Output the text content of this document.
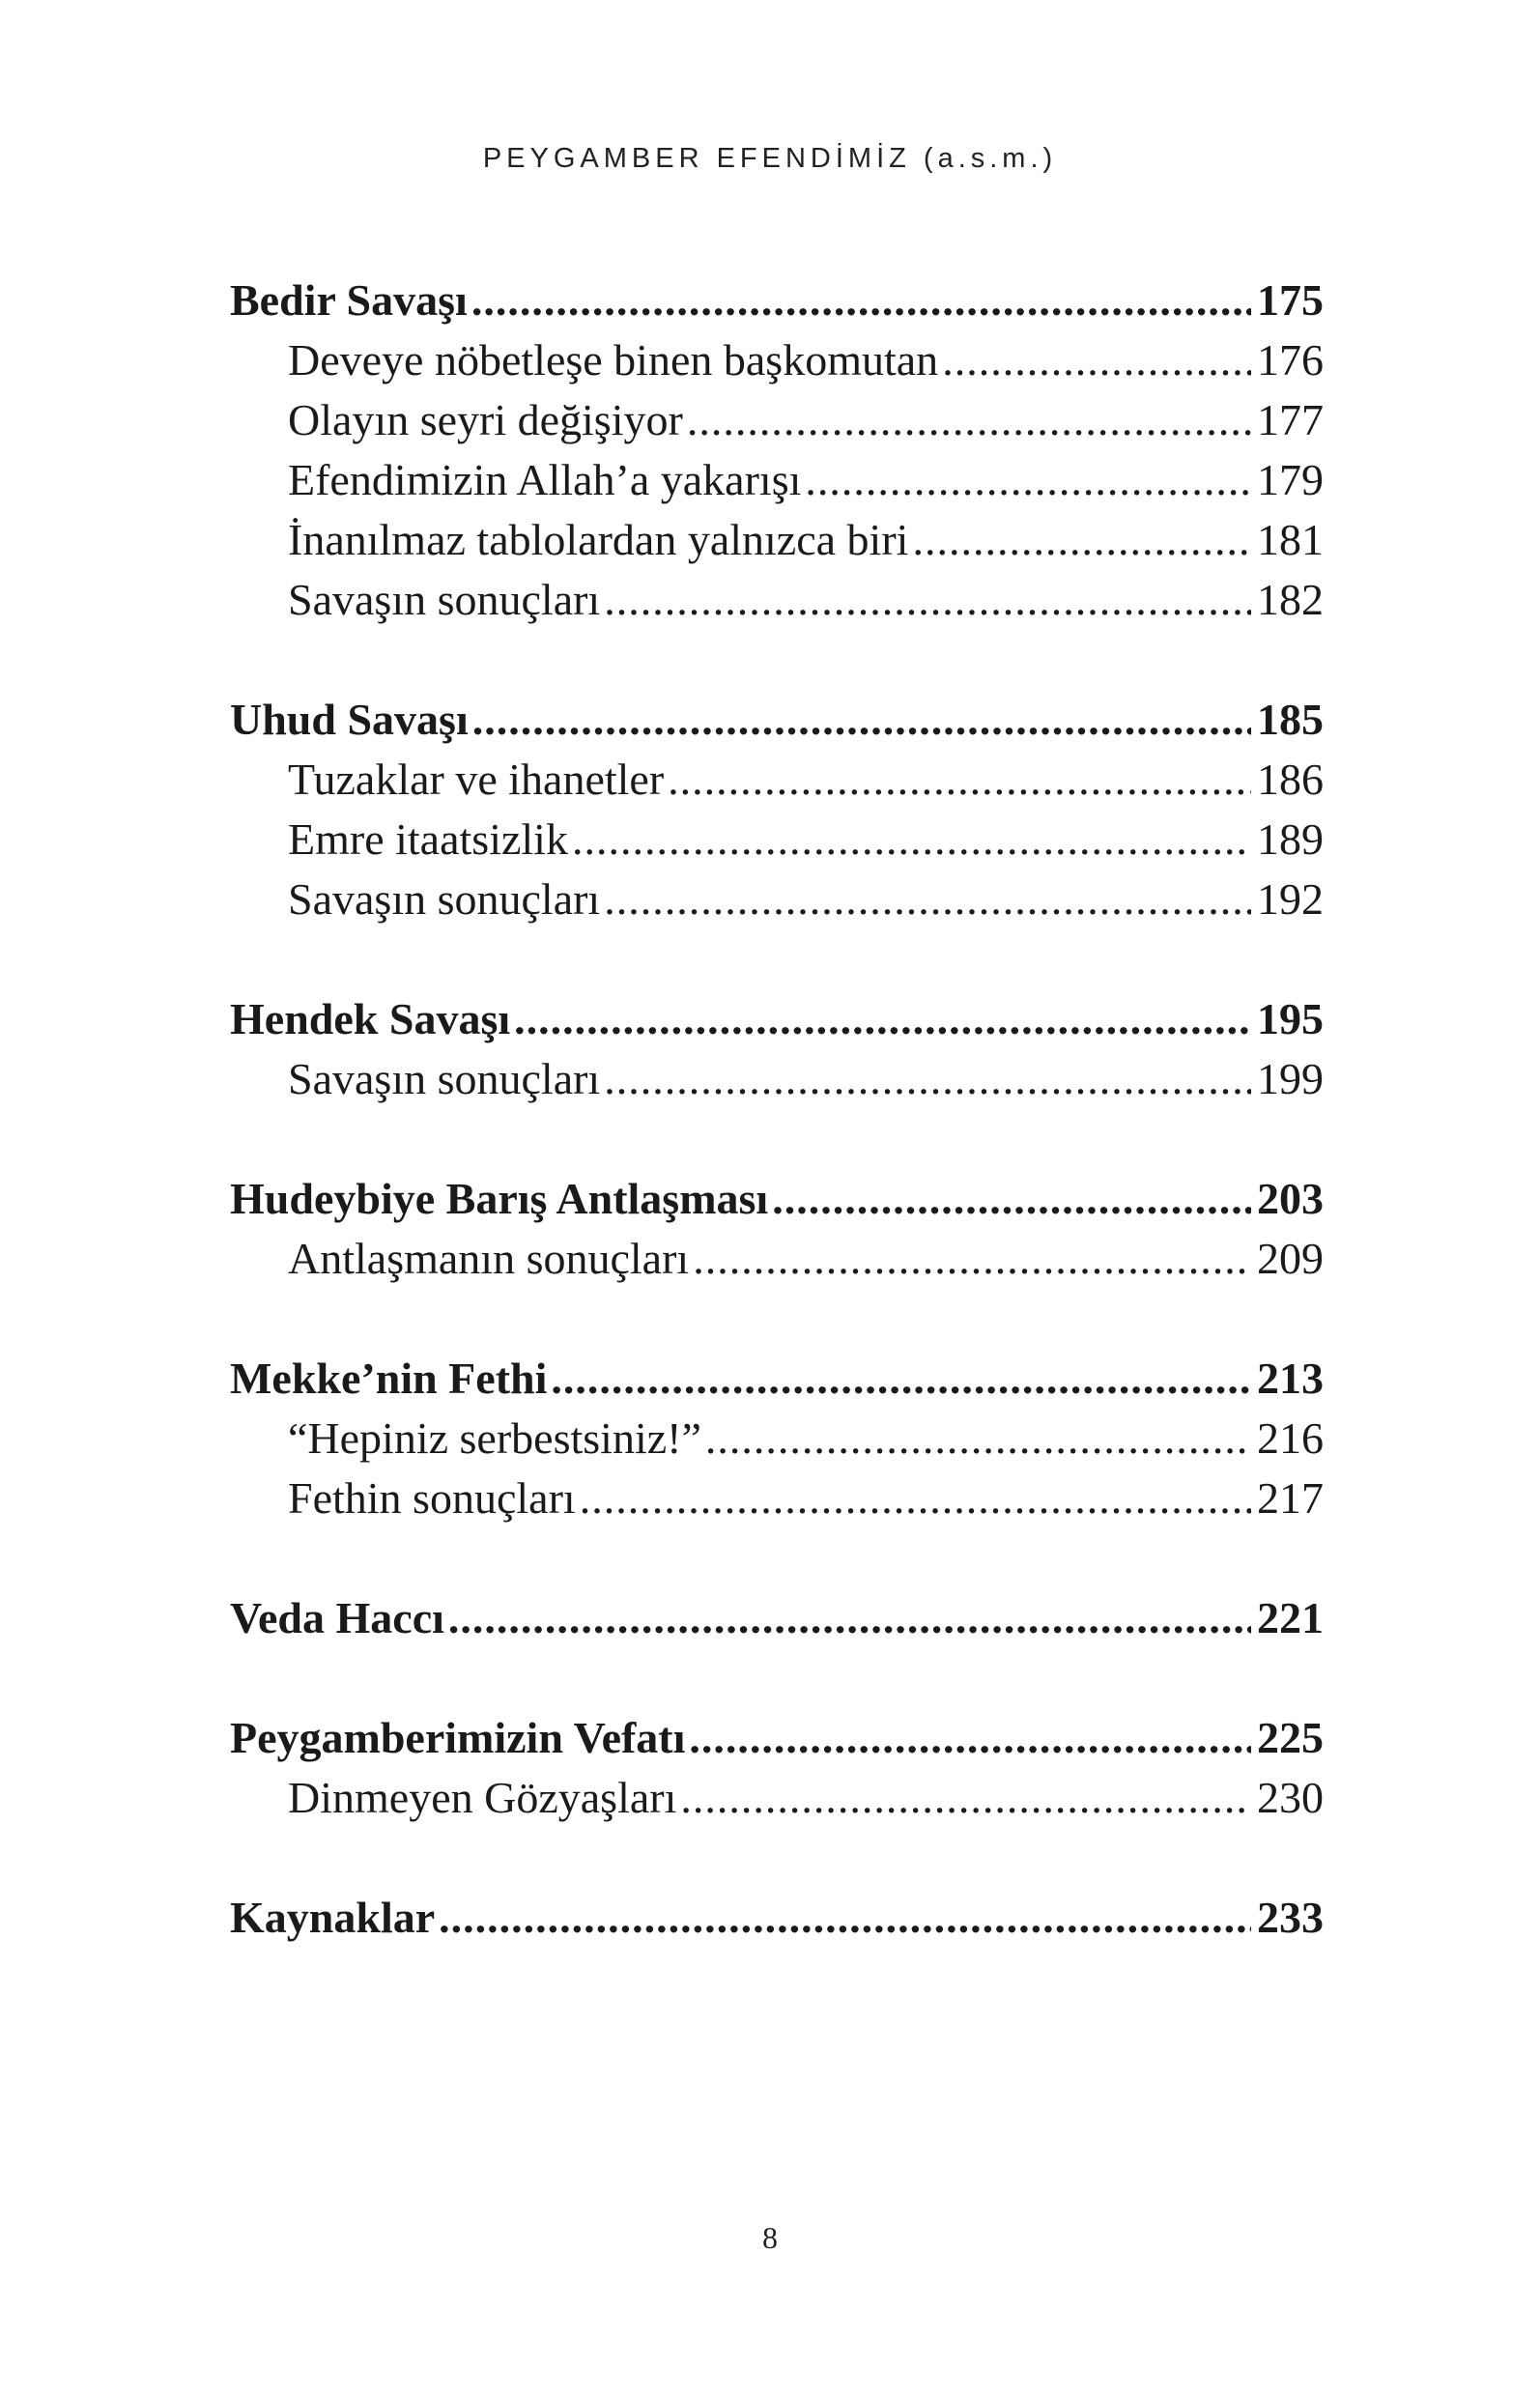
PEYGAMBER EFENDİMİZ (a.s.m.)
Bedir Savaşı .....	175
Deveye nöbetleşe binen başkomutan .....	176
Olayın seyri değişiyor .....	177
Efendimizin Allah’a yakarışı .....	179
İnanılmaz tablolardan yalnızca biri .....	181
Savaşın sonuçları .....	182
Uhud Savaşı .....	185
Tuzaklar ve ihanetler .....	186
Emre itaatsizlik .....	189
Savaşın sonuçları .....	192
Hendek Savaşı .....	195
Savaşın sonuçları .....	199
Hudeybiye Barış Antlaşması .....	203
Antlaşmanın sonuçları .....	209
Mekke’nin Fethi .....	213
“Hepiniz serbestsiniz!” .....	216
Fethin sonuçları .....	217
Veda Haccı .....	221
Peygamberimizin Vefatı .....	225
Dinmeyen Gözyaşları .....	230
Kaynaklar .....	233
8
